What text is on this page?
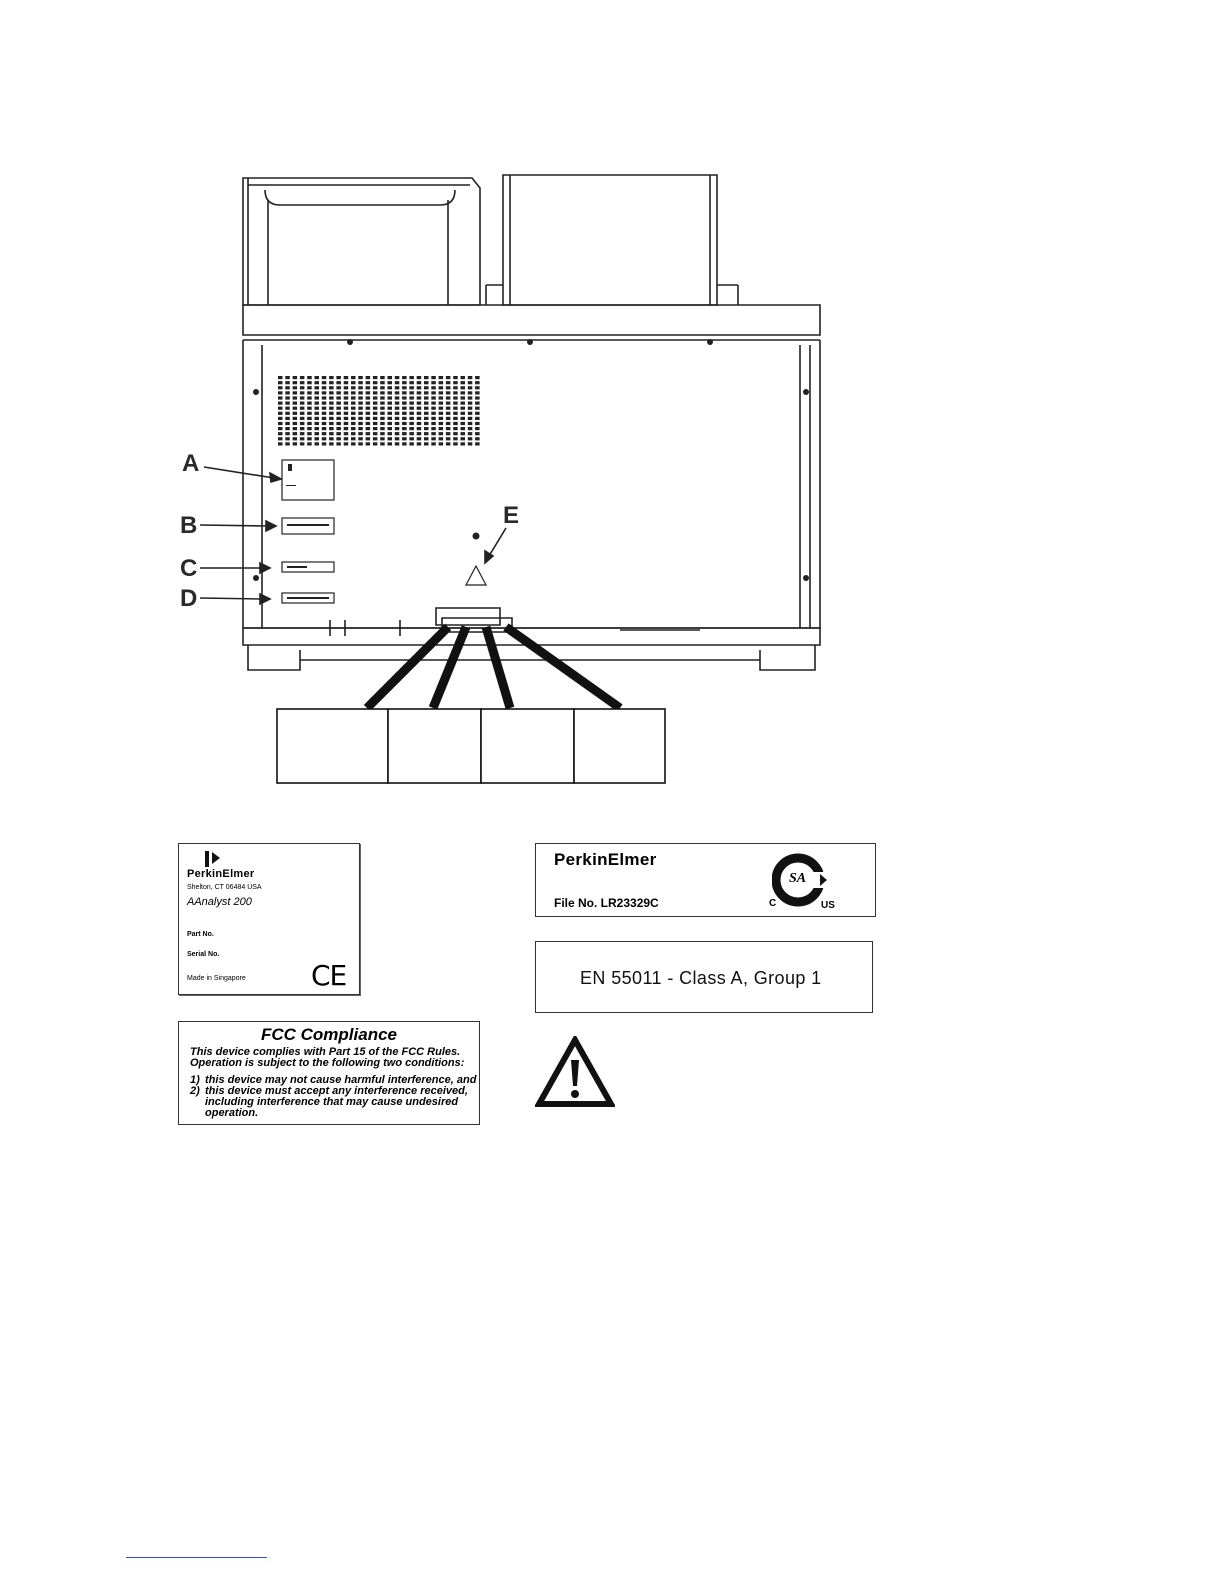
A
B
C
D
E
PerkinElmer
Shelton, CT 06484 USA
AAnalyst 200
Part No.
Serial No.
Made in Singapore CE
PerkinElmer
File No. LR23329C
SA
C	US
EN 55011 - Class A, Group 1
FCC Compliance
This device complies with Part 15 of the FCC Rules.
Operation is subject to the following two conditions:
1) this device may not cause harmful interference, and
2) this device must accept any interference received,
including interference that may cause undesired
operation.
